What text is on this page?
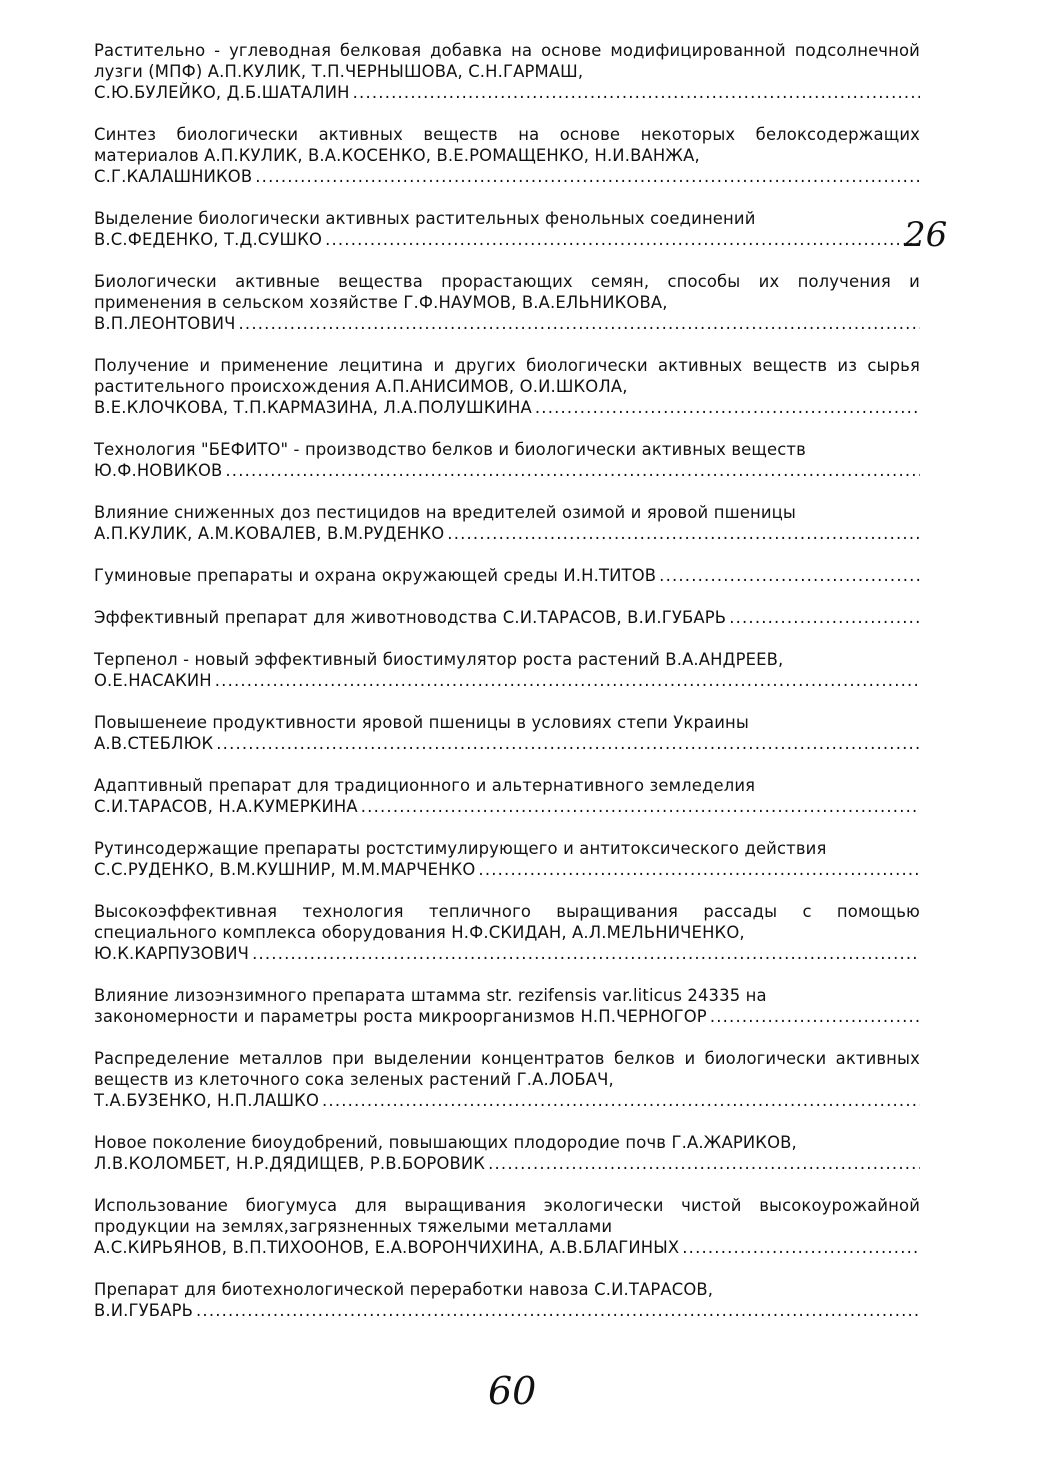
Растительно - углеводная белковая добавка на основе модифицированной подсолнечной лузги (МПФ) А.П.КУЛИК, Т.П.ЧЕРНЫШОВА, С.Н.ГАРМАШ,
С.Ю.БУЛЕЙКО, Д.Б.ШАТАЛИН
.....
Синтез биологически активных веществ на основе некоторых белоксодержащих материалов А.П.КУЛИК, В.А.КОСЕНКО, В.Е.РОМАЩЕНКО, Н.И.ВАНЖА,
С.Г.КАЛАШНИКОВ
.....
Выделение биологически активных растительных фенольных соединений
В.С.ФЕДЕНКО, Т.Д.СУШКО
.....
Биологически активные вещества прорастающих семян, способы их получения и применения в сельском хозяйстве Г.Ф.НАУМОВ, В.А.ЕЛЬНИКОВА,
В.П.ЛЕОНТОВИЧ
.....
Получение и применение лецитина и других биологически активных веществ из сырья растительного происхождения А.П.АНИСИМОВ, О.И.ШКОЛА,
В.Е.КЛОЧКОВА, Т.П.КАРМАЗИНА, Л.А.ПОЛУШКИНА
.....
Технология "БЕФИТО" - производство белков и биологически активных веществ
Ю.Ф.НОВИКОВ
.....
Влияние сниженных доз пестицидов на вредителей озимой и яровой пшеницы
А.П.КУЛИК, А.М.КОВАЛЕВ, В.М.РУДЕНКО
.....
Гуминовые препараты и охрана окружающей среды И.Н.ТИТОВ
.....
Эффективный препарат для животноводства С.И.ТАРАСОВ, В.И.ГУБАРЬ
.....
Терпенол - новый эффективный биостимулятор роста растений В.А.АНДРЕЕВ,
О.Е.НАСАКИН
.....
Повышенеие продуктивности яровой пшеницы в условиях степи Украины
А.В.СТЕБЛЮК
.....
Адаптивный препарат для традиционного и альтернативного земледелия
С.И.ТАРАСОВ, Н.А.КУМЕРКИНА
.....
Рутинсодержащие препараты ростстимулирующего и антитоксического действия
С.С.РУДЕНКО, В.М.КУШНИР, М.М.МАРЧЕНКО
.....
Высокоэффективная технология тепличного выращивания рассады с помощью специального комплекса оборудования Н.Ф.СКИДАН, А.Л.МЕЛЬНИЧЕНКО,
Ю.К.КАРПУЗОВИЧ
.....
Влияние лизоэнзимного препарата штамма str. rezifensis var.liticus 24335 на
закономерности и параметры роста микроорганизмов Н.П.ЧЕРНОГОР
.....
Распределение металлов при выделении концентратов белков и биологически активных веществ из клеточного сока зеленых растений Г.А.ЛОБАЧ,
Т.А.БУЗЕНКО, Н.П.ЛАШКО
.....
Новое поколение биоудобрений, повышающих плодородие почв Г.А.ЖАРИКОВ,
Л.В.КОЛОМБЕТ, Н.Р.ДЯДИЩЕВ, Р.В.БОРОВИК
.....
Использование биогумуса для выращивания экологически чистой высокоурожайной продукции на землях,загрязненных тяжелыми металлами
А.С.КИРЬЯНОВ, В.П.ТИХООНОВ, Е.А.ВОРОНЧИХИНА, А.В.БЛАГИНЫХ
.....
Препарат для биотехнологической переработки навоза С.И.ТАРАСОВ,
В.И.ГУБАРЬ
.....
26
60
